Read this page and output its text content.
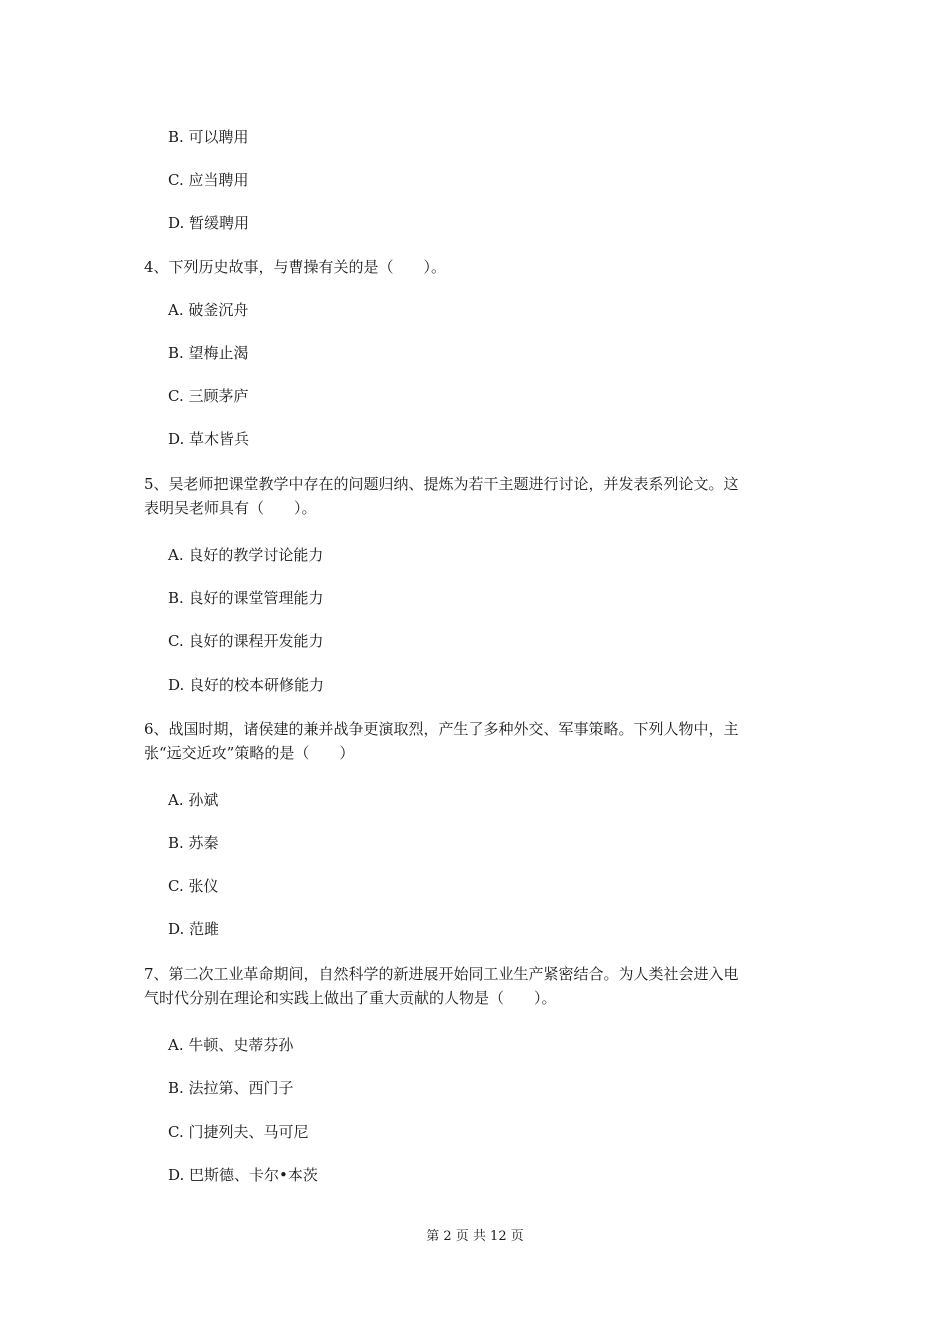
B. 可以聘用
C. 应当聘用
D. 暂缓聘用
4、下列历史故事，与曹操有关的是（　　）。
A. 破釜沉舟
B. 望梅止渴
C. 三顾茅庐
D. 草木皆兵
5、吴老师把课堂教学中存在的问题归纳、提炼为若干主题进行讨论，并发表系列论文。这
表明吴老师具有（　　）。
A. 良好的教学讨论能力
B. 良好的课堂管理能力
C. 良好的课程开发能力
D. 良好的校本研修能力
6、战国时期，诸侯建的兼并战争更演取烈，产生了多种外交、军事策略。下列人物中，主
张“远交近攻”策略的是（　　）
A. 孙斌
B. 苏秦
C. 张仪
D. 范雎
7、第二次工业革命期间，自然科学的新进展开始同工业生产紧密结合。为人类社会进入电
气时代分别在理论和实践上做出了重大贡献的人物是（　　）。
A. 牛顿、史蒂芬孙
B. 法拉第、西门子
C. 门捷列夫、马可尼
D. 巴斯德、卡尔•本茨
第 2 页 共 12 页
